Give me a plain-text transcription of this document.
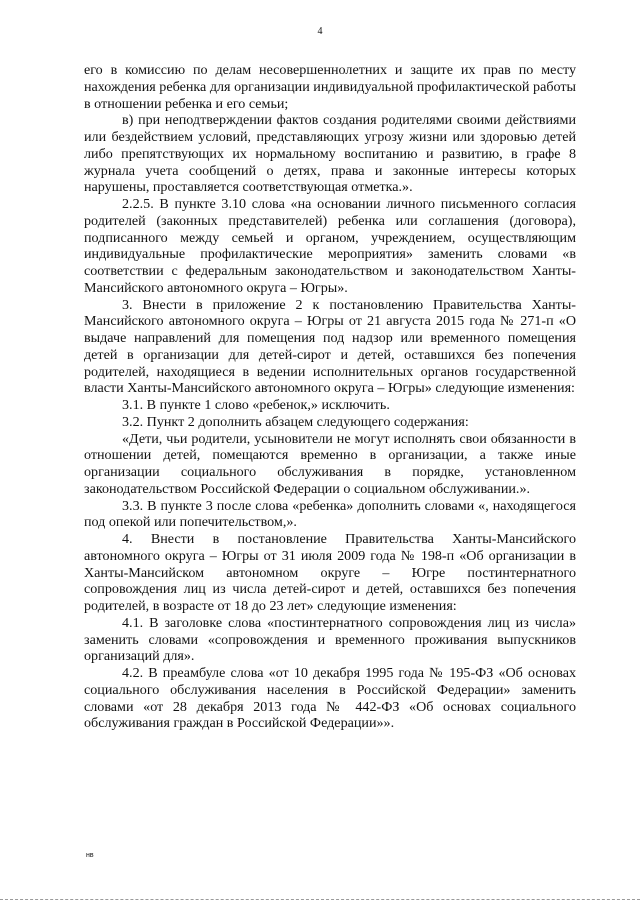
4

его в комиссию по делам несовершеннолетних и защите их прав по месту нахождения ребенка для организации индивидуальной профилактической работы в отношении ребенка и его семьи;

в) при неподтверждении фактов создания родителями своими действиями или бездействием условий, представляющих угрозу жизни или здоровью детей либо препятствующих их нормальному воспитанию и развитию, в графе 8 журнала учета сообщений о детях, права и законные интересы которых нарушены, проставляется соответствующая отметка.».

2.2.5. В пункте 3.10 слова «на основании личного письменного согласия родителей (законных представителей) ребенка или соглашения (договора), подписанного между семьей и органом, учреждением, осуществляющим индивидуальные профилактические мероприятия» заменить словами «в соответствии с федеральным законодательством и законодательством Ханты-Мансийского автономного округа – Югры».

3. Внести в приложение 2 к постановлению Правительства Ханты-Мансийского автономного округа – Югры от 21 августа 2015 года № 271-п «О выдаче направлений для помещения под надзор или временного помещения детей в организации для детей-сирот и детей, оставшихся без попечения родителей, находящиеся в ведении исполнительных органов государственной власти Ханты-Мансийского автономного округа – Югры» следующие изменения:

3.1. В пункте 1 слово «ребенок,» исключить.

3.2. Пункт 2 дополнить абзацем следующего содержания:

«Дети, чьи родители, усыновители не могут исполнять свои обязанности в отношении детей, помещаются временно в организации, а также иные организации социального обслуживания в порядке, установленном законодательством Российской Федерации о социальном обслуживании.».

3.3. В пункте 3 после слова «ребенка» дополнить словами «, находящегося под опекой или попечительством,».

4. Внести в постановление Правительства Ханты-Мансийского автономного округа – Югры от 31 июля 2009 года № 198-п «Об организации в Ханты-Мансийском автономном округе – Югре постинтернатного сопровождения лиц из числа детей-сирот и детей, оставшихся без попечения родителей, в возрасте от 18 до 23 лет» следующие изменения:

4.1. В заголовке слова «постинтернатного сопровождения лиц из числа» заменить словами «сопровождения и временного проживания выпускников организаций для».

4.2. В преамбуле слова «от 10 декабря 1995 года № 195-ФЗ «Об основах социального обслуживания населения в Российской Федерации» заменить словами «от 28 декабря 2013 года № 442-ФЗ «Об основах социального обслуживания граждан в Российской Федерации»».

нв
